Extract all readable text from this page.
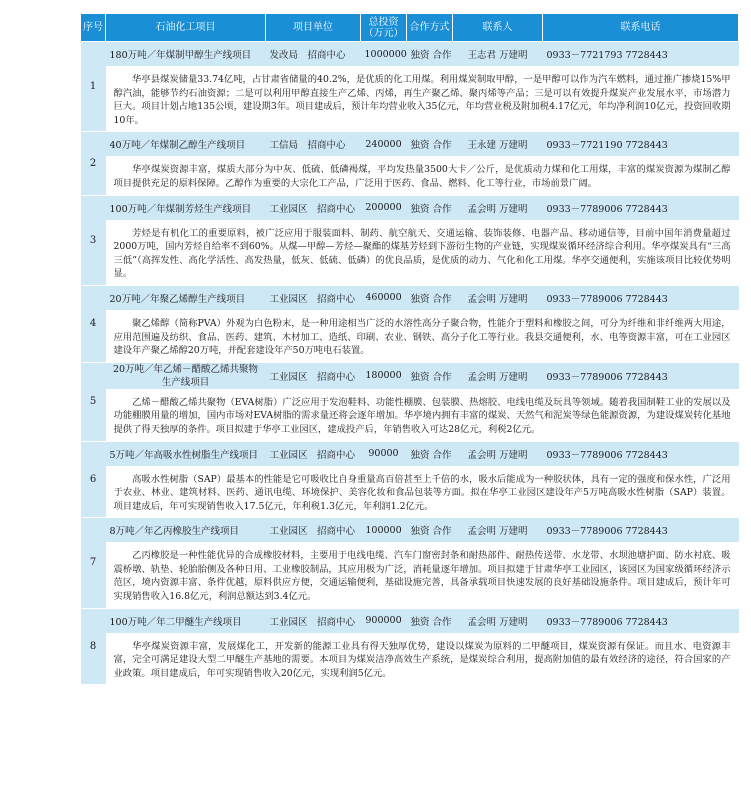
序号	石油化工项目	项目单位	总投资（万元）	合作方式	联系人	联系电话
1	180万吨／年煤制甲醇生产线项目	发改局　招商中心	1000000	独资 合作	王志君 万建明	0933－7721793 7728443
	华亭县煤炭储量33.74亿吨，占甘肃省储量的40.2%，是优质的化工用煤。利用煤炭制取甲醇，一是甲醇可以作为汽车燃料，通过推广掺烧15%甲醇汽油，能够节约石油资源；二是可以利用甲醇直接生产乙烯、丙烯，再生产聚乙烯、聚丙烯等产品；三是可以有效提升煤炭产业发展水平，市场潜力巨大。项目计划占地135公顷，建设期3年。项目建成后，预计年均营业收入35亿元，年均营业税及附加税4.17亿元，年均净利润10亿元，投资回收期10年。					
2	40万吨／年煤制乙醇生产线项目	工信局　招商中心	240000	独资 合作	王永建 万建明	0933－7721190 7728443
	华亭煤炭资源丰富，煤质大部分为中灰、低硫、低磷褐煤，平均发热量3500大卡／公斤，是优质动力煤和化工用煤，丰富的煤炭资源为煤制乙醇项目提供充足的原料保障。乙醇作为重要的大宗化工产品，广泛用于医药、食品、燃料、化工等行业，市场前景广阔。					
3	100万吨／年煤制芳烃生产线项目	工业园区　招商中心	200000	独资 合作	孟会明 万建明	0933－7789006 7728443
	芳烃是有机化工的重要原料，被广泛应用于服装面料、制药、航空航天、交通运输、装饰装修、电器产品、移动通信等，目前中国年消费量超过2000万吨，国内芳烃自给率不到60%。从煤—甲醇—芳烃—聚酯的煤基芳烃到下游衍生物的产业链，实现煤炭循环经济综合利用。华亭煤炭具有“三高三低”（高挥发性、高化学活性、高发热量，低灰、低硫、低磷）的优良品质，是优质的动力、气化和化工用煤。华亭交通便利，实施该项目比较优势明显。					
4	20万吨／年聚乙烯醇生产线项目	工业园区　招商中心	460000	独资 合作	孟会明 万建明	0933－7789006 7728443
	聚乙烯醇（简称PVA）外观为白色粉末，是一种用途相当广泛的水溶性高分子聚合物，性能介于塑料和橡胶之间，可分为纤维和非纤维两大用途，应用范围遍及纺织、食品、医药、建筑、木材加工、造纸、印刷、农业、钢铁、高分子化工等行业。我县交通便利，水、电等资源丰富，可在工业园区建设年产聚乙烯醇20万吨，并配套建设年产50万吨电石装置。					
5	20万吨／年乙烯－醋酸乙烯共聚物生产线项目	工业园区　招商中心	180000	独资 合作	孟会明 万建明	0933－7789006 7728443
	乙烯－醋酸乙烯共聚物（EVA树脂）广泛应用于发泡鞋料、功能性棚膜、包装膜、热熔胶、电线电缆及玩具等领域。随着我国制鞋工业的发展以及功能棚膜用量的增加，国内市场对EVA树脂的需求量还将会逐年增加。华亭境内拥有丰富的煤炭、天然气和泥炭等绿色能源资源，为建设煤炭转化基地提供了得天独厚的条件。项目拟建于华亭工业园区，建成投产后，年销售收入可达28亿元，利税2亿元。					
6	5万吨／年高吸水性树脂生产线项目	工业园区　招商中心	90000	独资 合作	孟会明 万建明	0933－7789006 7728443
	高吸水性树脂（SAP）最基本的性能是它可吸收比自身重量高百倍甚至上千倍的水，吸水后能成为一种胶状体，具有一定的强度和保水性，广泛用于农业、林业、建筑材料、医药、通讯电缆、环境保护、美容化妆和食品包装等方面。拟在华亭工业园区建设年产5万吨高吸水性树脂（SAP）装置。项目建成后，年可实现销售收入17.5亿元，年利税1.3亿元，年利润1.2亿元。					
7	8万吨／年乙丙橡胶生产线项目	工业园区　招商中心	100000	独资 合作	孟会明 万建明	0933－7789006 7728443
	乙丙橡胶是一种性能优异的合成橡胶材料，主要用于电线电缆、汽车门窗密封条和耐热部件、耐热传送带、水龙带、水坝池塘护面、防水衬底、吸震桥墩、轨垫、轮胎胎侧及各种日用、工业橡胶制品，其应用极为广泛，消耗量逐年增加。项目拟建于甘肃华亭工业园区，该园区为国家级循环经济示范区，境内资源丰富、条件优越，原料供应方便，交通运输便利，基础设施完善，具备承载项目快速发展的良好基础设施条件。项目建成后，预计年可实现销售收入16.8亿元，利润总额达到3.4亿元。					
8	100万吨／年二甲醚生产线项目	工业园区　招商中心	900000	独资 合作	孟会明 万建明	0933－7789006 7728443
	华亭煤炭资源丰富，发展煤化工，开发新的能源工业具有得天独厚优势，建设以煤炭为原料的二甲醚项目，煤炭资源有保证。而且水、电资源丰富，完全可满足建设大型二甲醚生产基地的需要。本项目为煤炭洁净高效生产系统，是煤炭综合利用，提高附加值的最有效经济的途径，符合国家的产业政策。项目建成后，年可实现销售收入20亿元，实现利润5亿元。					
